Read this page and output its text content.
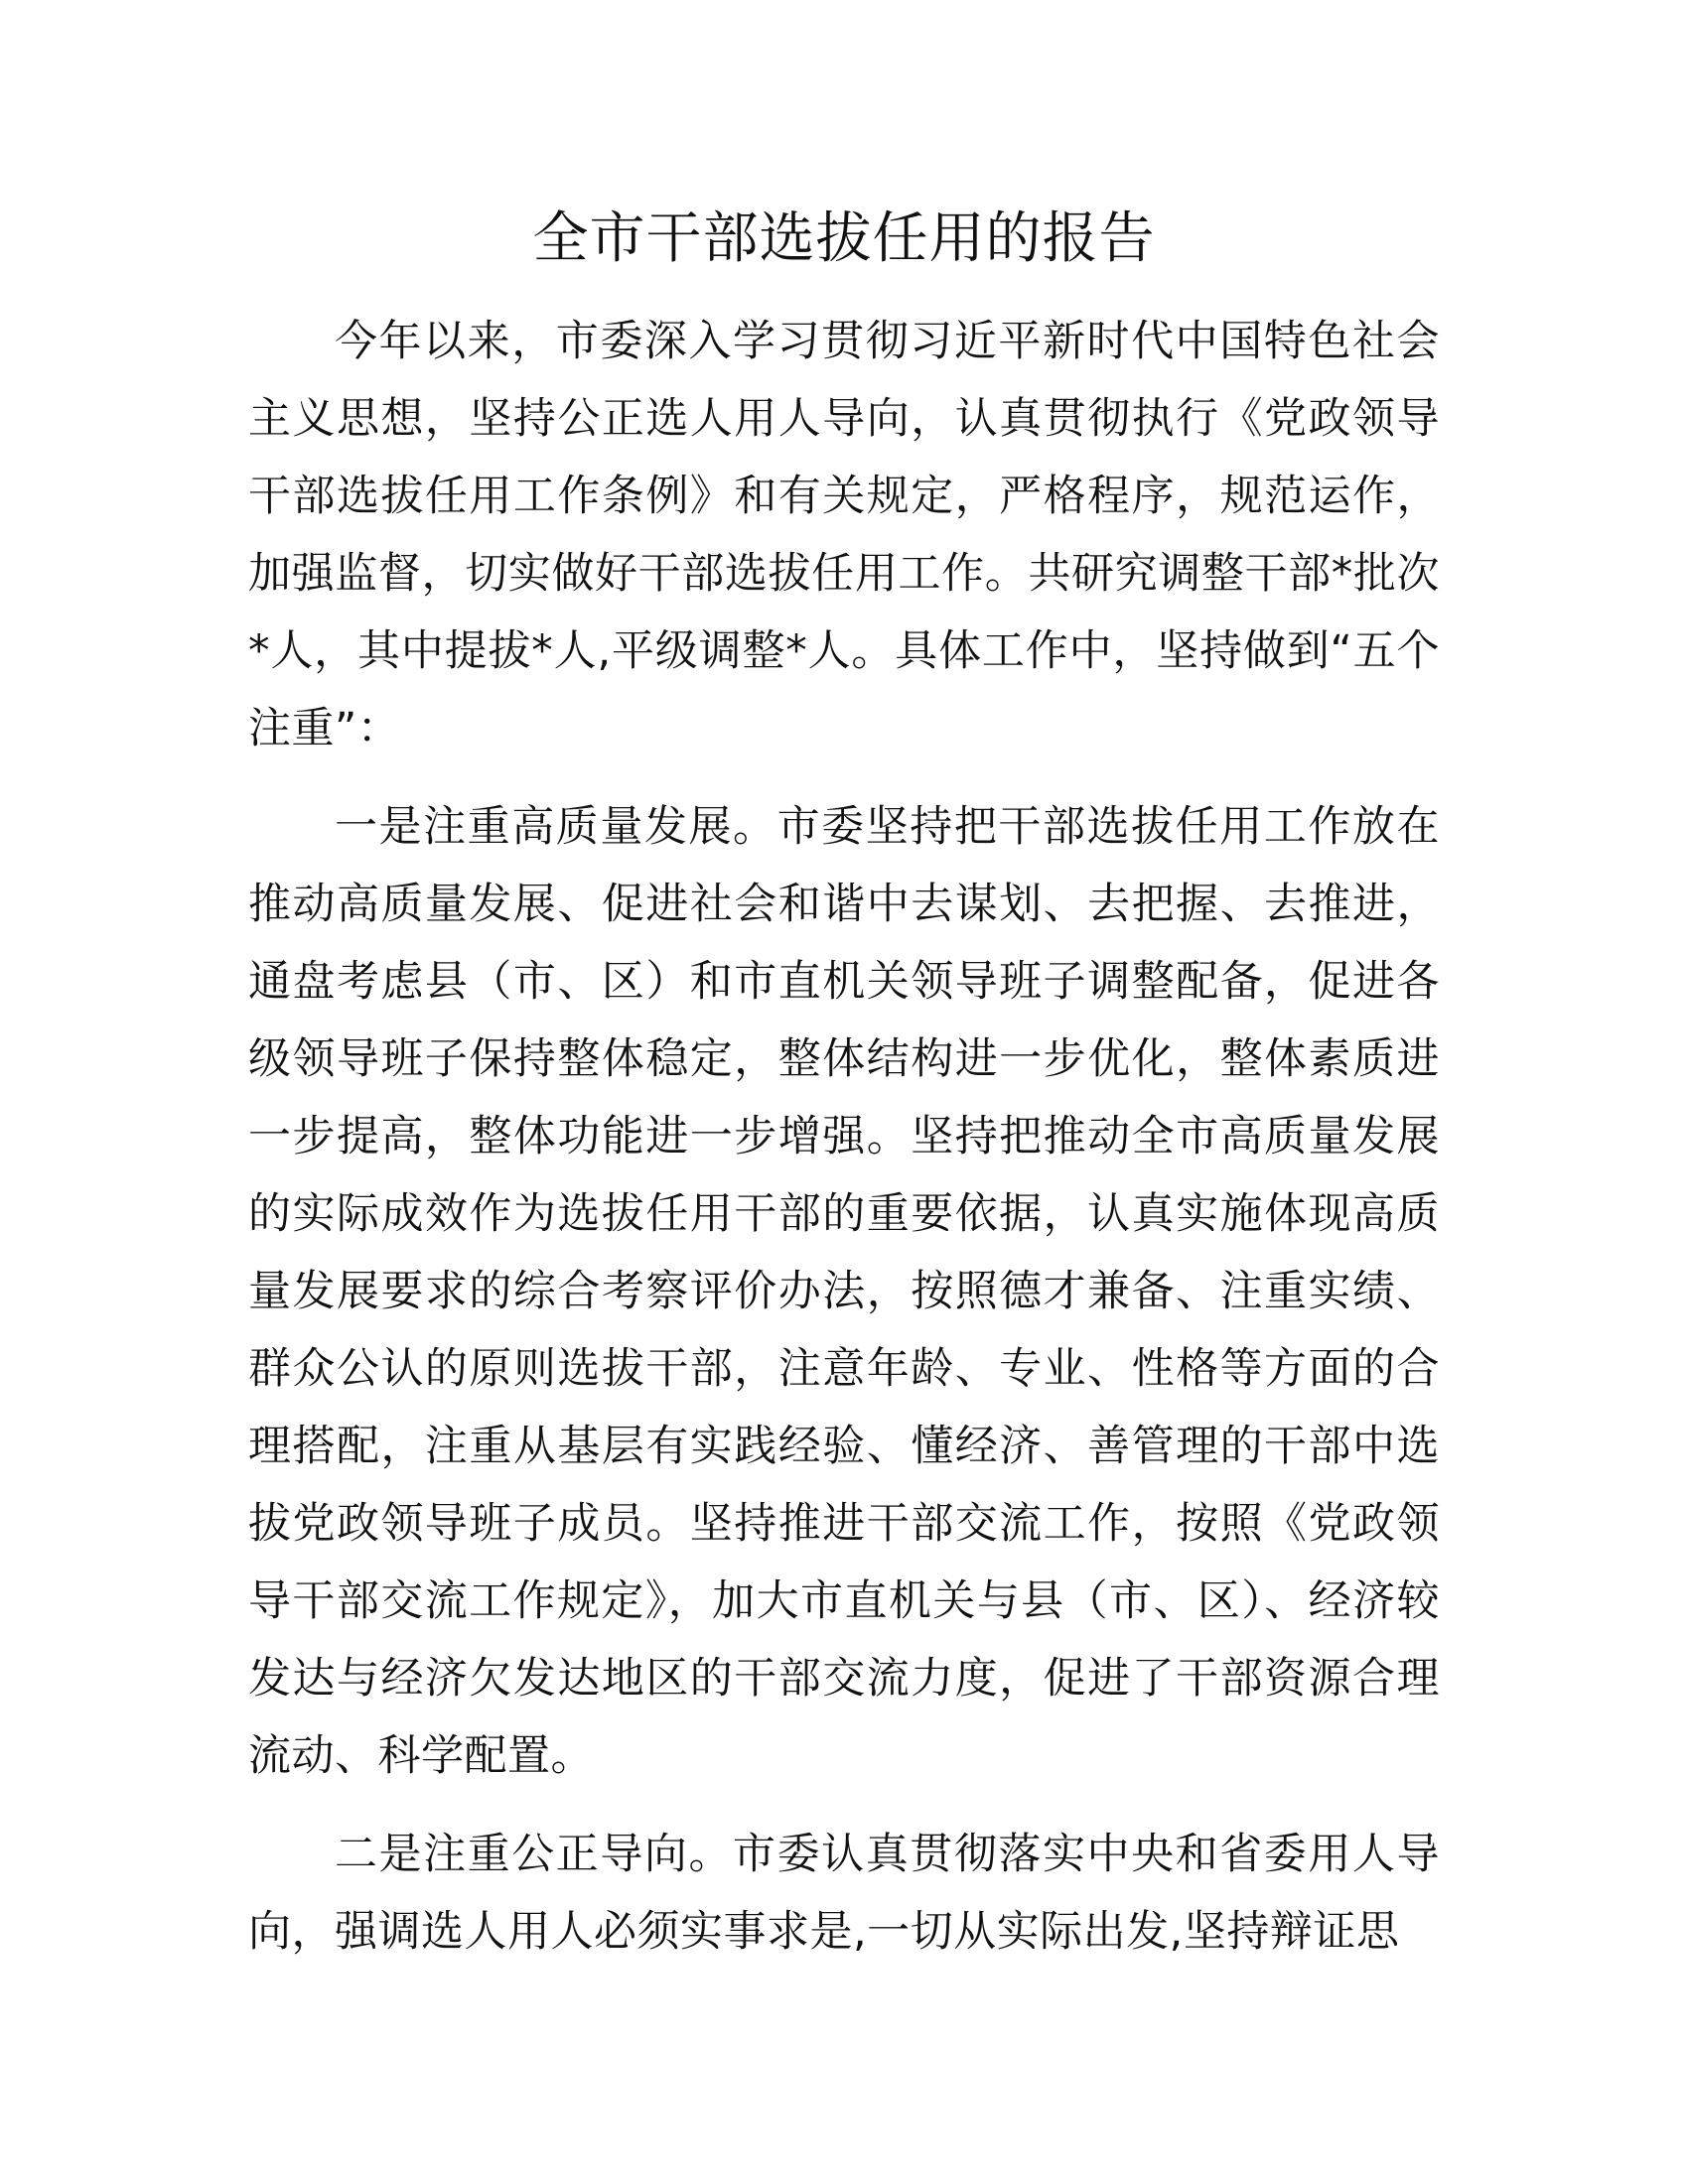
全市干部选拔任用的报告

今年以来，市委深入学习贯彻习近平新时代中国特色社会主义思想，坚持公正选人用人导向，认真贯彻执行《党政领导干部选拔任用工作条例》和有关规定，严格程序，规范运作，加强监督，切实做好干部选拔任用工作。共研究调整干部*批次*人，其中提拔*人,平级调整*人。具体工作中，坚持做到“五个注重”：

一是注重高质量发展。市委坚持把干部选拔任用工作放在推动高质量发展、促进社会和谐中去谋划、去把握、去推进，通盘考虑县（市、区）和市直机关领导班子调整配备，促进各级领导班子保持整体稳定，整体结构进一步优化，整体素质进一步提高，整体功能进一步增强。坚持把推动全市高质量发展的实际成效作为选拔任用干部的重要依据，认真实施体现高质量发展要求的综合考察评价办法，按照德才兼备、注重实绩、群众公认的原则选拔干部，注意年龄、专业、性格等方面的合理搭配，注重从基层有实践经验、懂经济、善管理的干部中选拔党政领导班子成员。坚持推进干部交流工作，按照《党政领导干部交流工作规定》，加大市直机关与县（市、区）、经济较发达与经济欠发达地区的干部交流力度，促进了干部资源合理流动、科学配置。

二是注重公正导向。市委认真贯彻落实中央和省委用人导向，强调选人用人必须实事求是,一切从实际出发,坚持辩证思
